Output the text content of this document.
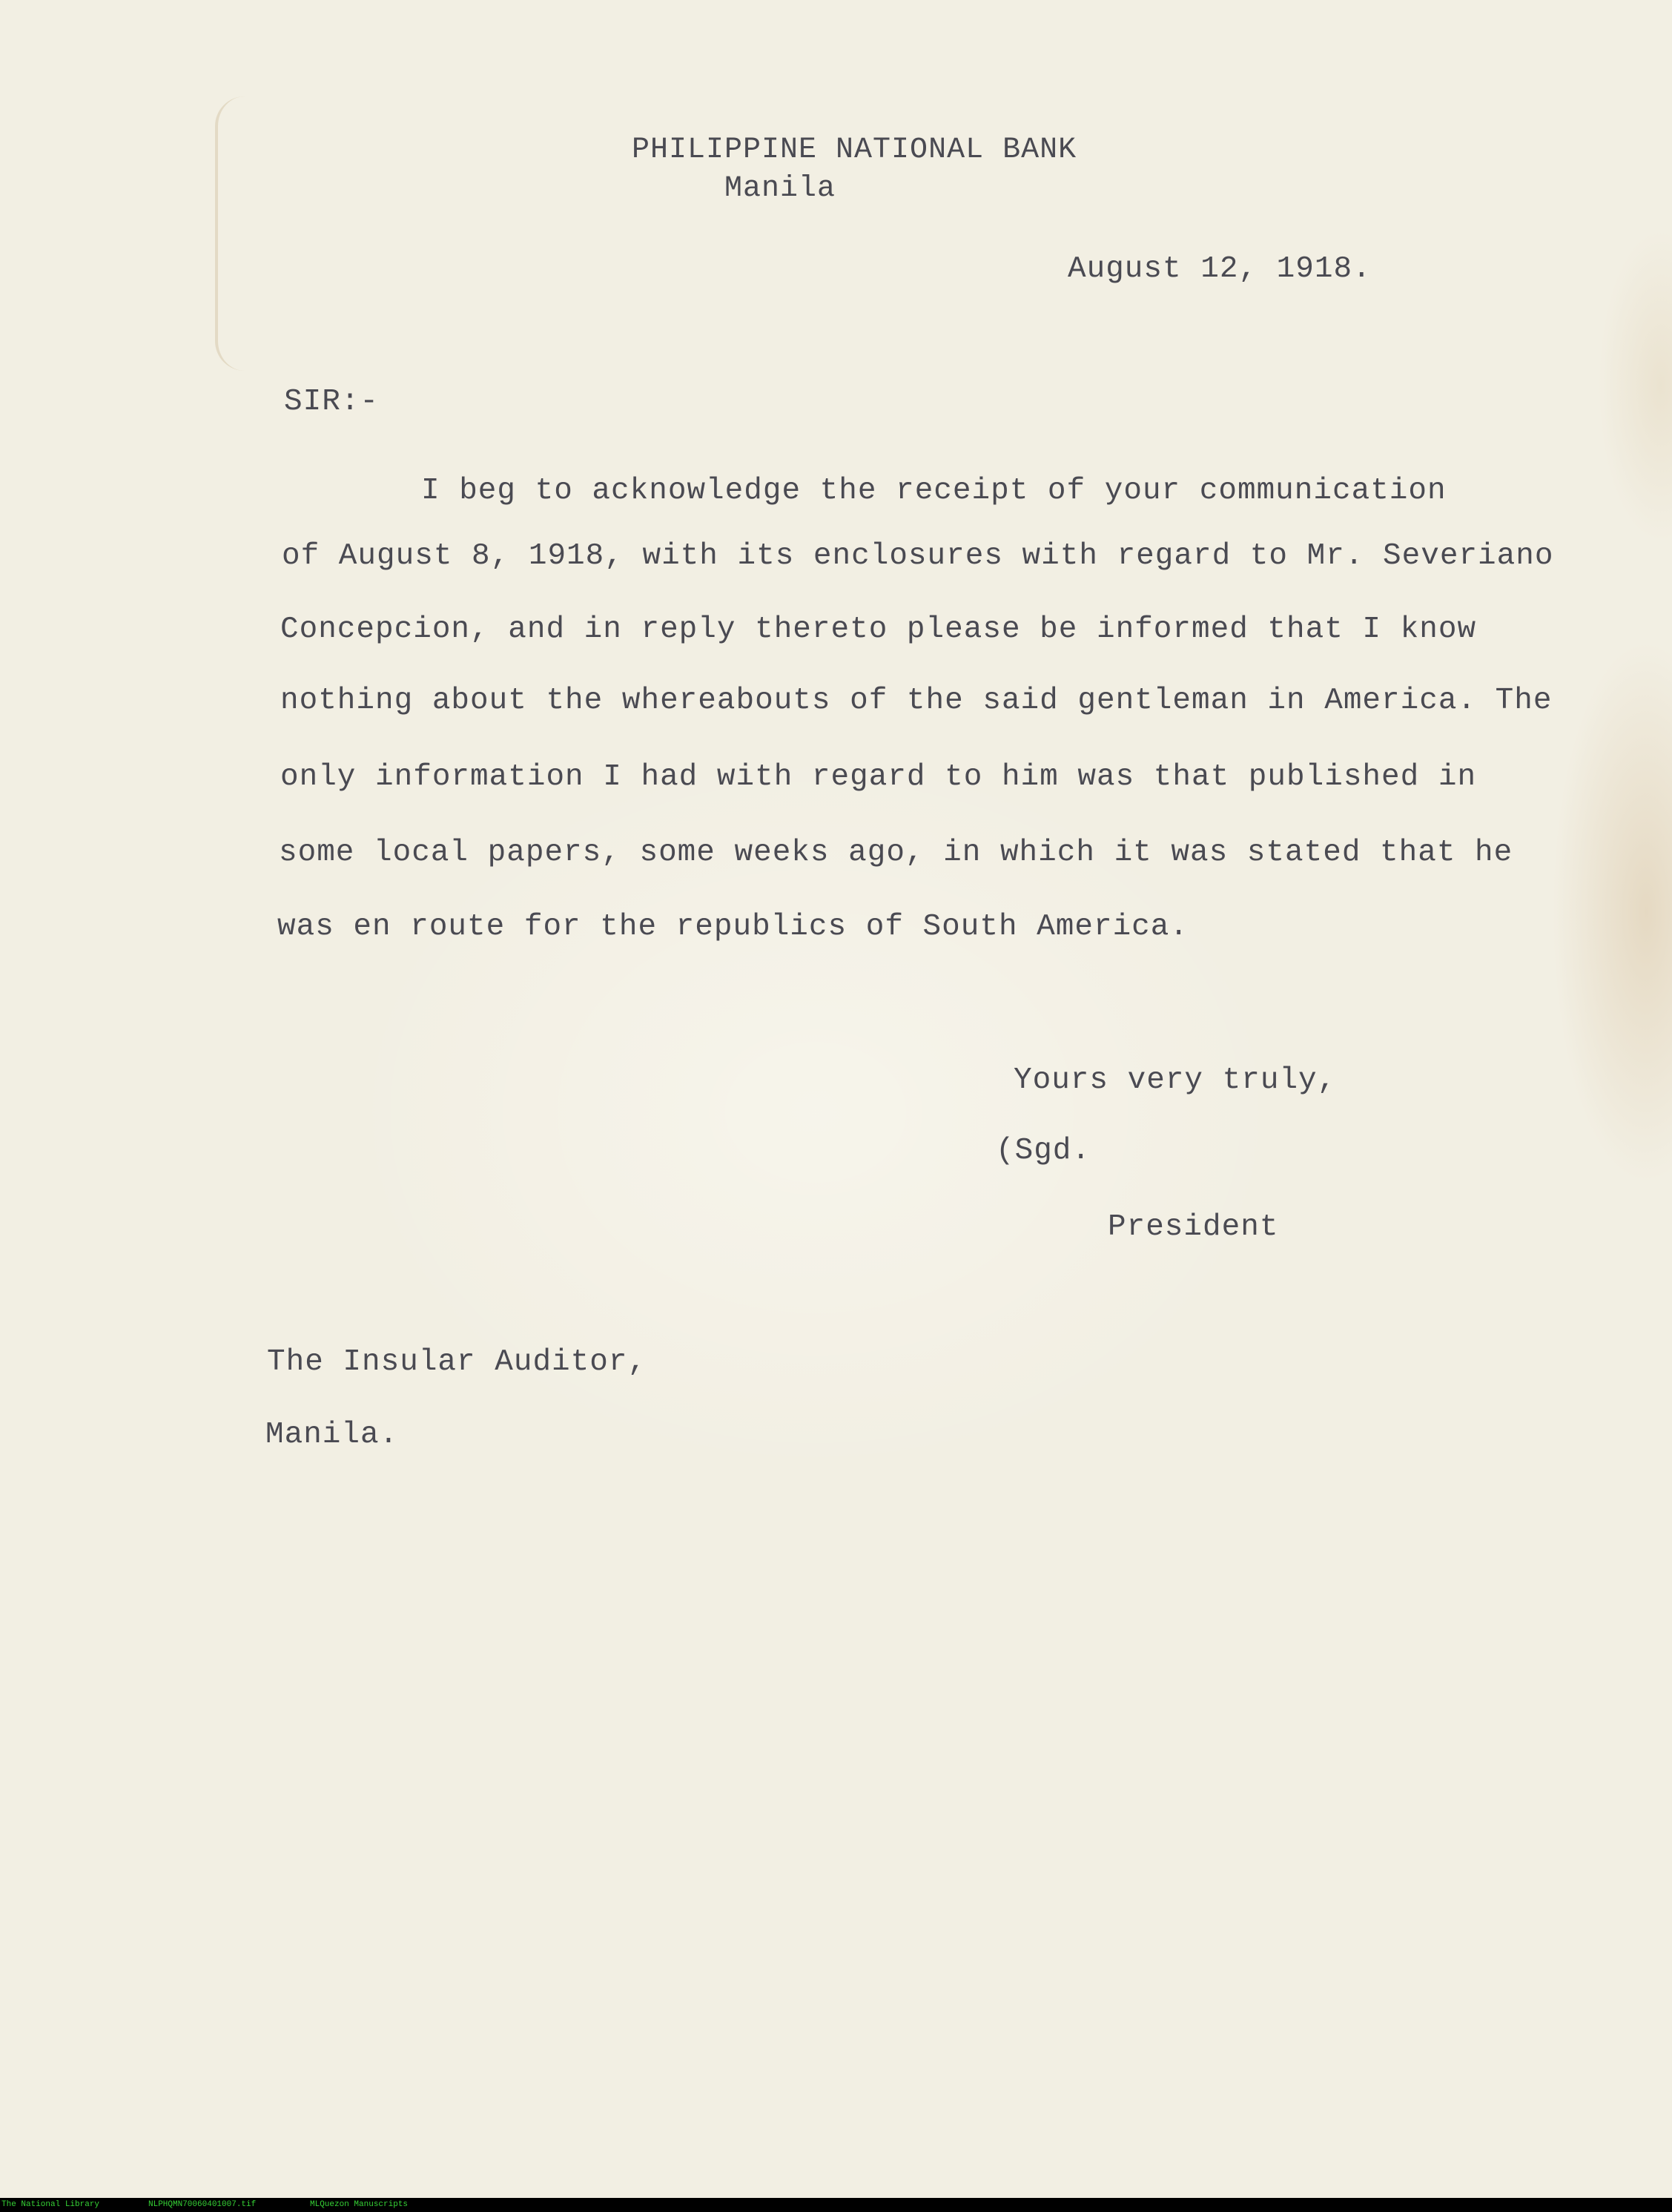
PHILIPPINE NATIONAL BANK
Manila
August 12, 1918.
SIR:-
I beg to acknowledge the receipt of your communication
of August 8, 1918, with its enclosures with regard to Mr. Severiano
Concepcion, and in reply thereto please be informed that I know
nothing about the whereabouts of the said gentleman in America. The
only information I had with regard to him was that published in
some local papers, some weeks ago, in which it was stated that he
was en route for the republics of South America.
Yours very truly,
(Sgd.
President
The Insular Auditor,
Manila.
The National Library	NLPHQMN70060401007.tif	MLQuezon Manuscripts
